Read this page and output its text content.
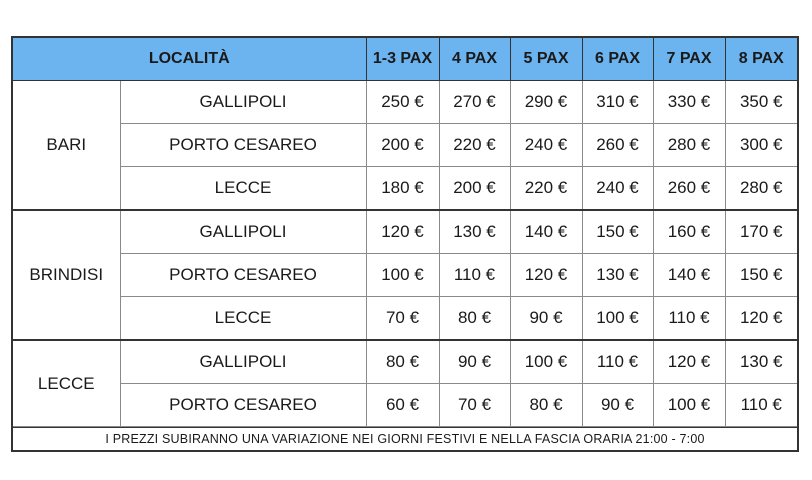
LOCALITÀ		1-3 PAX	4 PAX	5 PAX	6 PAX	7 PAX	8 PAX
BARI	GALLIPOLI	250 €	270 €	290 €	310 €	330 €	350 €
	PORTO CESAREO	200 €	220 €	240 €	260 €	280 €	300 €
	LECCE	180 €	200 €	220 €	240 €	260 €	280 €
BRINDISI	GALLIPOLI	120 €	130 €	140 €	150 €	160 €	170 €
	PORTO CESAREO	100 €	110 €	120 €	130 €	140 €	150 €
	LECCE	70 €	80 €	90 €	100 €	110 €	120 €
LECCE	GALLIPOLI	80 €	90 €	100 €	110 €	120 €	130 €
	PORTO CESAREO	60 €	70 €	80 €	90 €	100 €	110 €
I PREZZI SUBIRANNO UNA VARIAZIONE NEI GIORNI FESTIVI E NELLA FASCIA ORARIA 21:00 - 7:00
